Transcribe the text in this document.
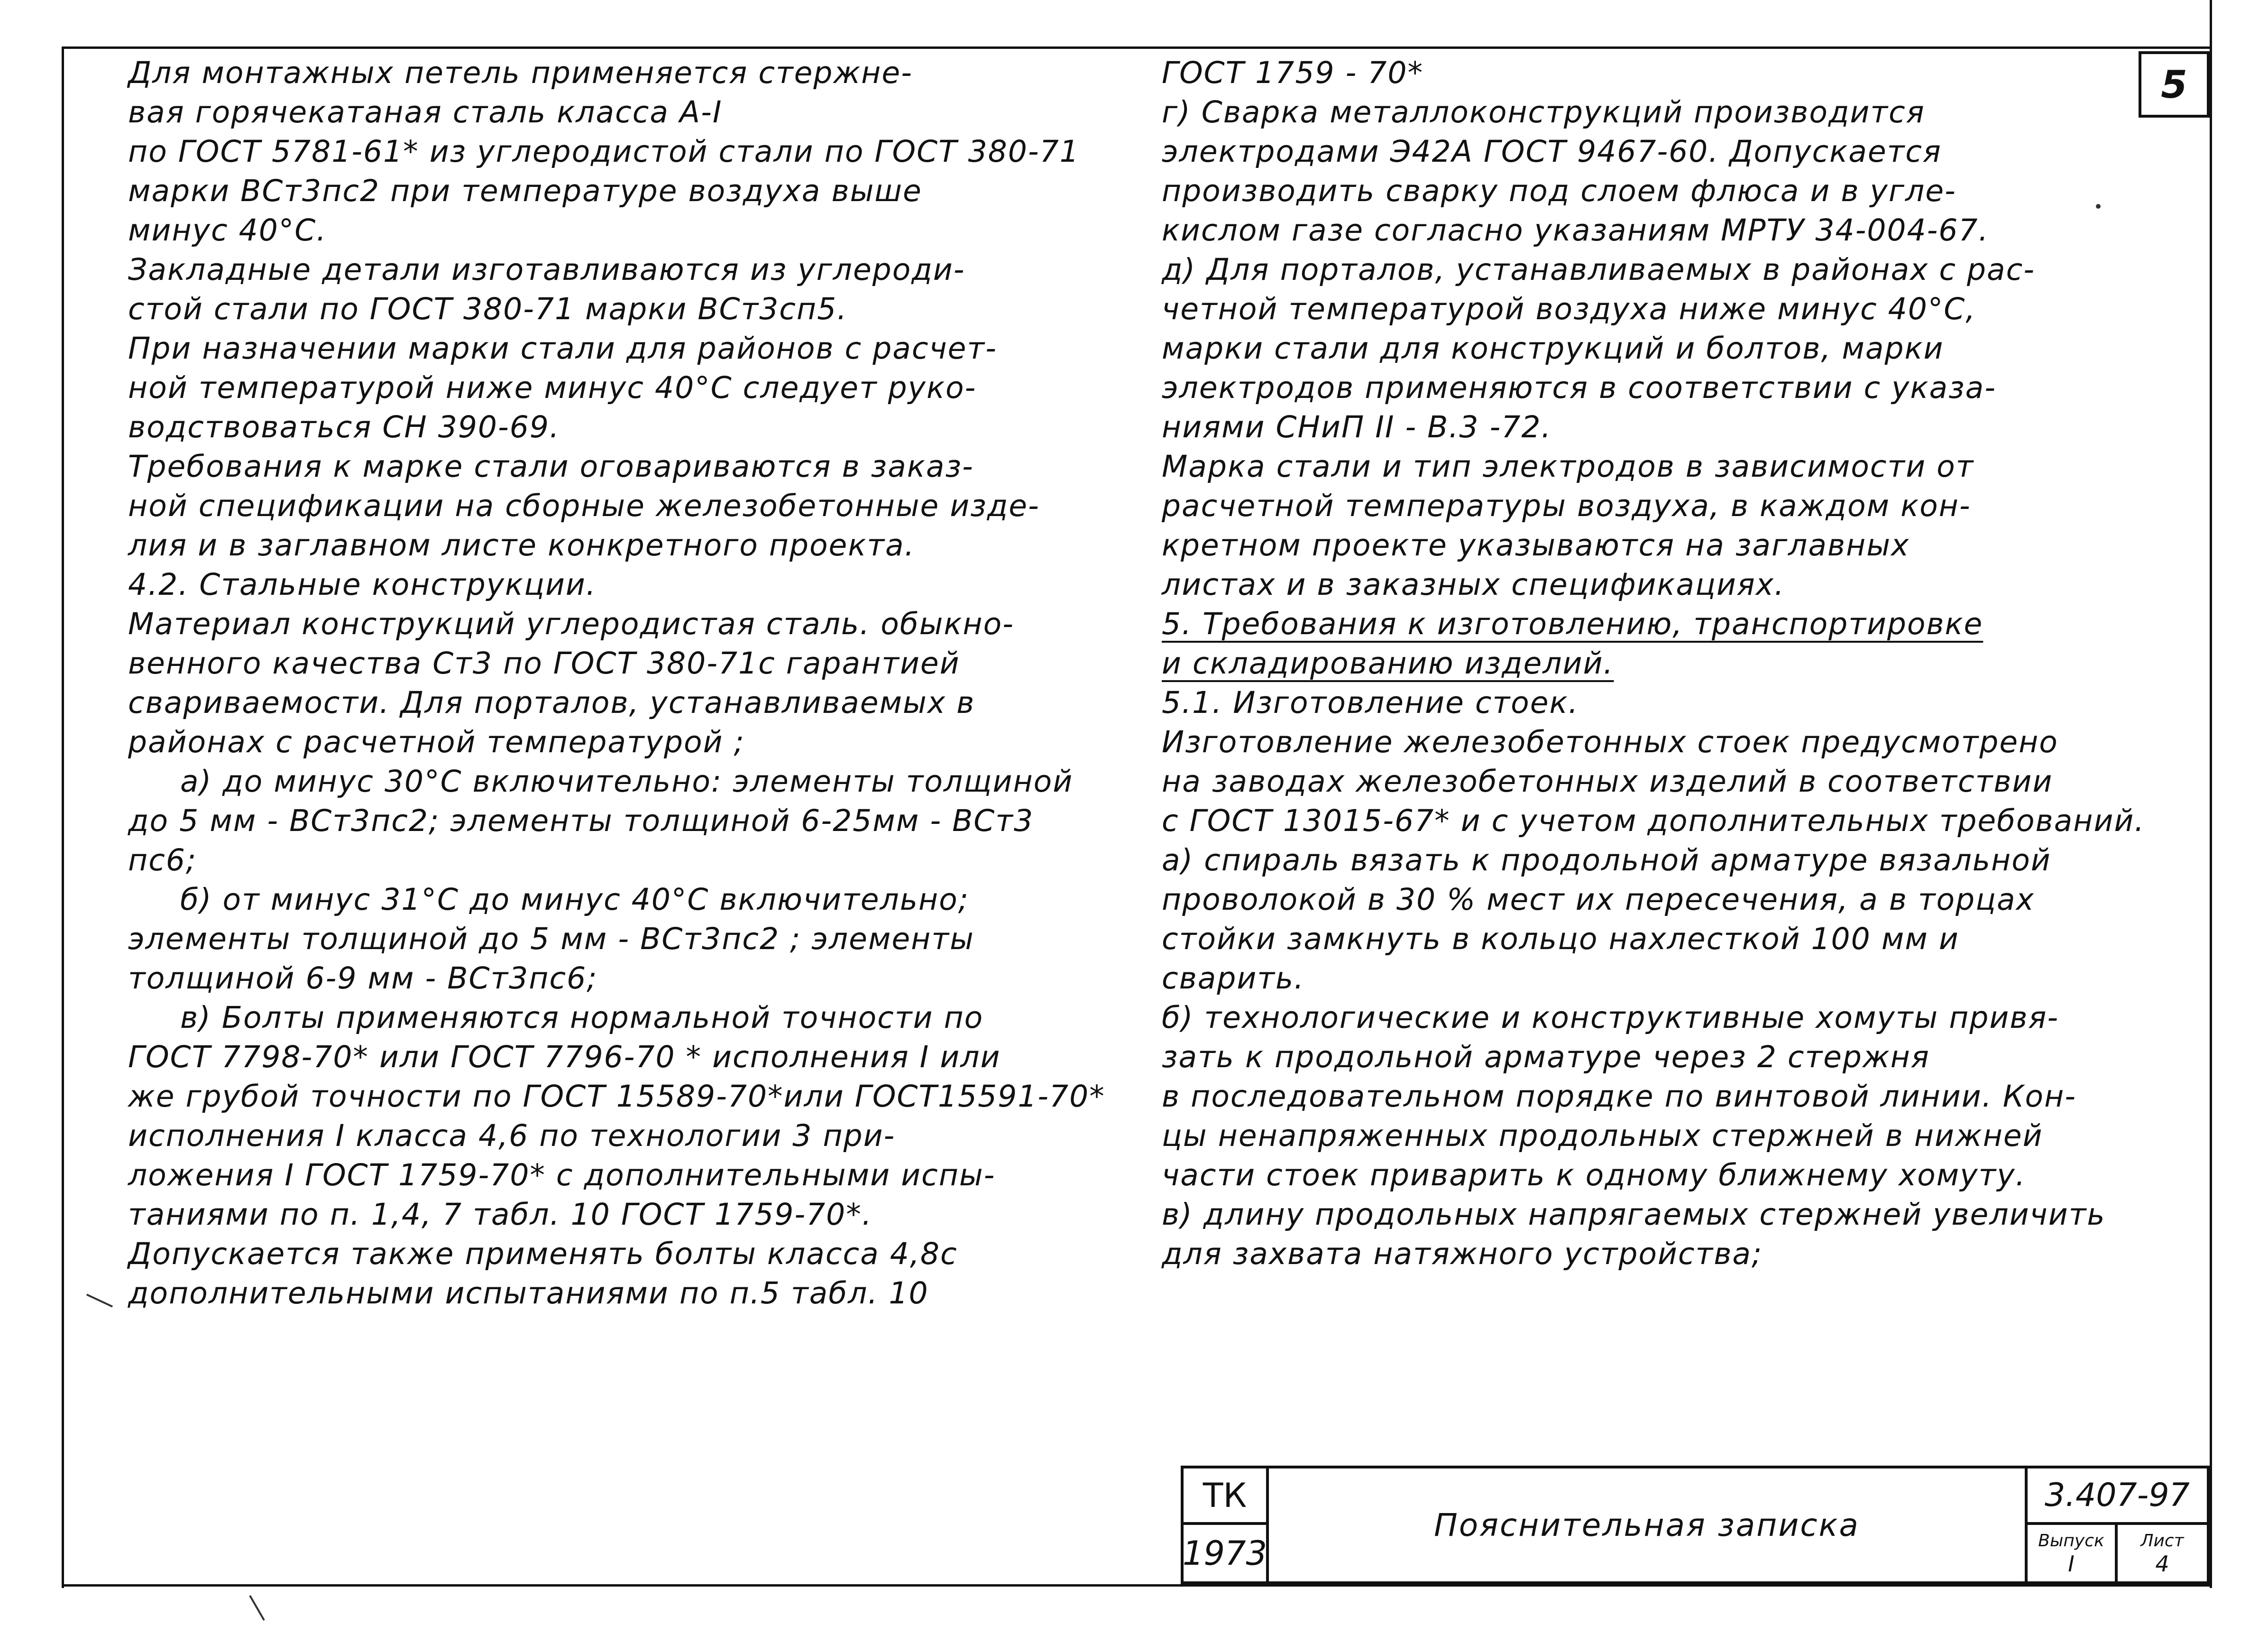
5
Для монтажных петель применяется стержне-
вая горячекатаная сталь класса А-I
по ГОСТ 5781-61* из углеродистой стали по ГОСТ 380-71
марки ВСт3пс2 при температуре воздуха выше
минус 40°С.
Закладные детали изготавливаются из углероди-
стой стали по ГОСТ 380-71 марки ВСт3сп5.
При назначении марки стали для районов с расчет-
ной температурой ниже минус 40°С следует руко-
водствоваться СН 390-69.
Требования к марке стали оговариваются в заказ-
ной спецификации на сборные железобетонные изде-
лия и в заглавном листе конкретного проекта.
4.2. Стальные конструкции.
Материал конструкций углеродистая сталь. обыкно-
венного качества Ст3 по ГОСТ 380-71с гарантией
свариваемости. Для порталов, устанавливаемых в
районах с расчетной температурой ;
а) до минус 30°С включительно: элементы толщиной
до 5 мм - ВСт3пс2; элементы толщиной 6-25мм - ВСт3
пс6;
б) от минус 31°С до минус 40°С включительно;
элементы толщиной до 5 мм - ВСт3пс2 ; элементы
толщиной 6-9 мм - ВСт3пс6;
в) Болты применяются нормальной точности по
ГОСТ 7798-70* или ГОСТ 7796-70 * исполнения I или
же грубой точности по ГОСТ 15589-70*или ГОСТ15591-70*
исполнения I класса 4,6 по технологии 3 при-
ложения I ГОСТ 1759-70* с дополнительными испы-
таниями по п. 1,4, 7 табл. 10 ГОСТ 1759-70*.
Допускается также применять болты класса 4,8с
дополнительными испытаниями по п.5 табл. 10
ГОСТ 1759 - 70*
г) Сварка металлоконструкций производится
электродами Э42А ГОСТ 9467-60. Допускается
производить сварку под слоем флюса и в угле-
кислом газе согласно указаниям МРТУ 34-004-67.
д) Для порталов, устанавливаемых в районах с рас-
четной температурой воздуха ниже минус 40°С,
марки стали для конструкций и болтов, марки
электродов применяются в соответствии с указа-
ниями СНиП II - В.3 -72.
Марка стали и тип электродов в зависимости от
расчетной температуры воздуха, в каждом кон-
кретном проекте указываются на заглавных
листах и в заказных спецификациях.
5. Требования к изготовлению, транспортировке
и складированию изделий.
5.1. Изготовление стоек.
Изготовление железобетонных стоек предусмотрено
на заводах железобетонных изделий в соответствии
с ГОСТ 13015-67* и с учетом дополнительных требований.
а) спираль вязать к продольной арматуре вязальной
проволокой в 30 % мест их пересечения, а в торцах
стойки замкнуть в кольцо нахлесткой 100 мм и
сварить.
б) технологические и конструктивные хомуты привя-
зать к продольной арматуре через 2 стержня
в последовательном порядке по винтовой линии. Кон-
цы ненапряженных продольных стержней в нижней
части стоек приварить к одному ближнему хомуту.
в) длину продольных напрягаемых стержней увеличить
для захвата натяжного устройства;
ТК
1973
Пояснительная записка
3.407-97
Выпуск
I
Лист
4
